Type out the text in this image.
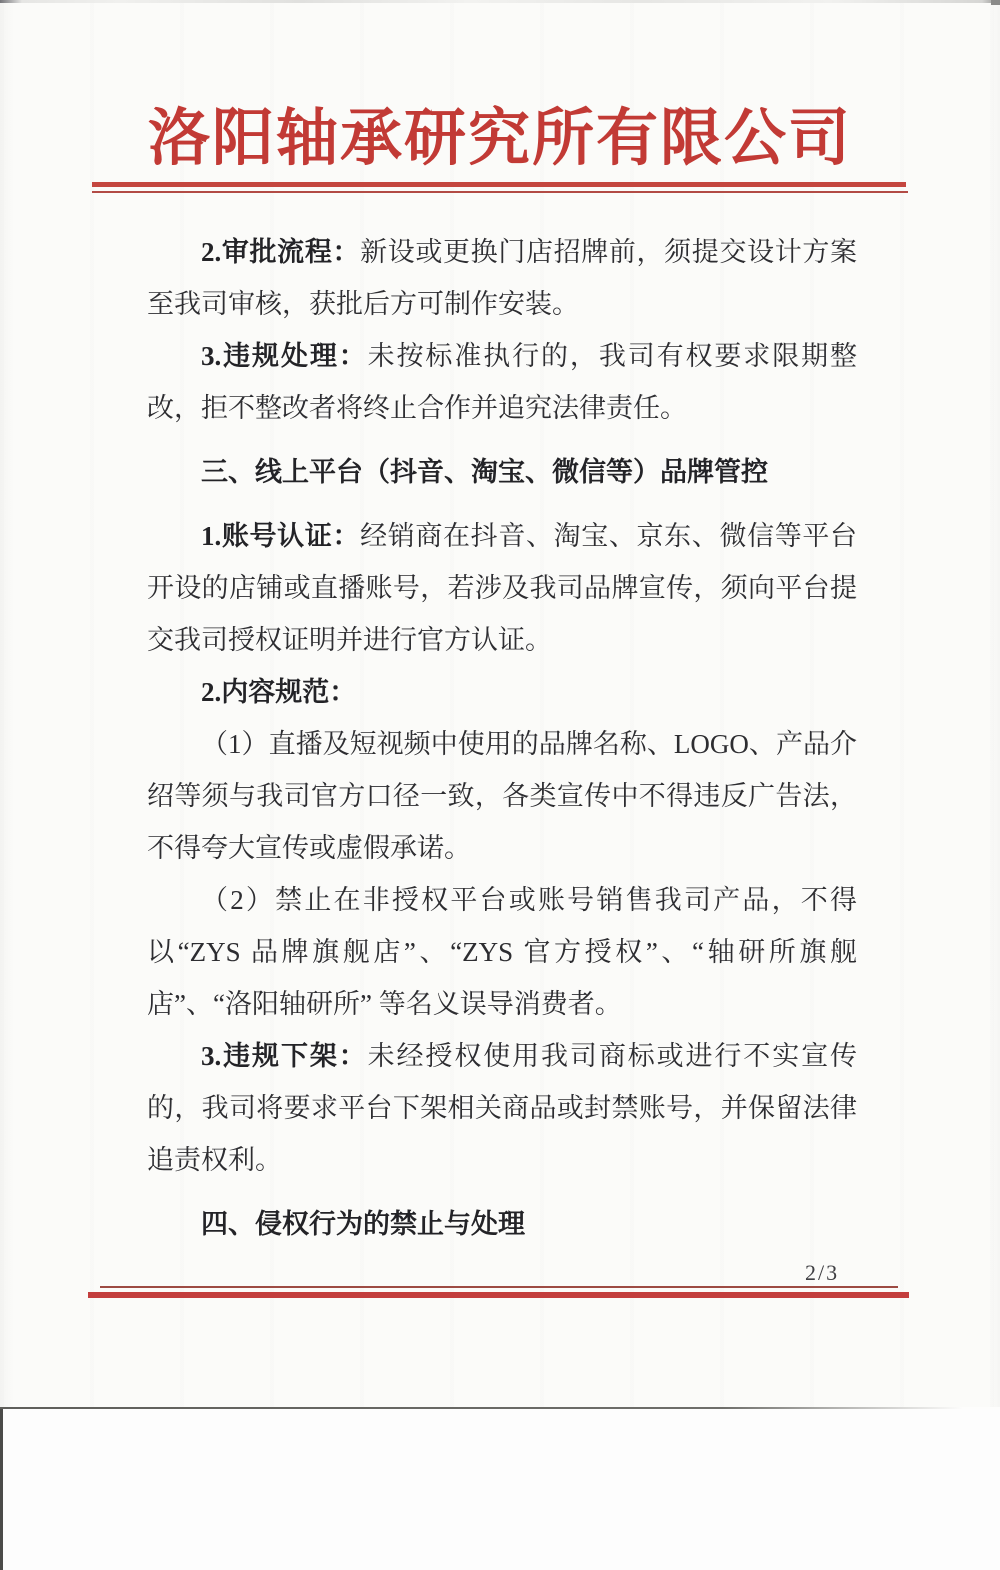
洛阳轴承研究所有限公司

2.审批流程：新设或更换门店招牌前，须提交设计方案至我司审核，获批后方可制作安装。

3.违规处理：未按标准执行的，我司有权要求限期整改，拒不整改者将终止合作并追究法律责任。

三、线上平台（抖音、淘宝、微信等）品牌管控

1.账号认证：经销商在抖音、淘宝、京东、微信等平台开设的店铺或直播账号，若涉及我司品牌宣传，须向平台提交我司授权证明并进行官方认证。

2.内容规范：

（1）直播及短视频中使用的品牌名称、LOGO、产品介绍等须与我司官方口径一致，各类宣传中不得违反广告法，不得夸大宣传或虚假承诺。

（2）禁止在非授权平台或账号销售我司产品，不得以“ZYS 品牌旗舰店”、“ZYS 官方授权”、“轴研所旗舰店”、“洛阳轴研所” 等名义误导消费者。

3.违规下架：未经授权使用我司商标或进行不实宣传的，我司将要求平台下架相关商品或封禁账号，并保留法律追责权利。

四、侵权行为的禁止与处理

2/3
